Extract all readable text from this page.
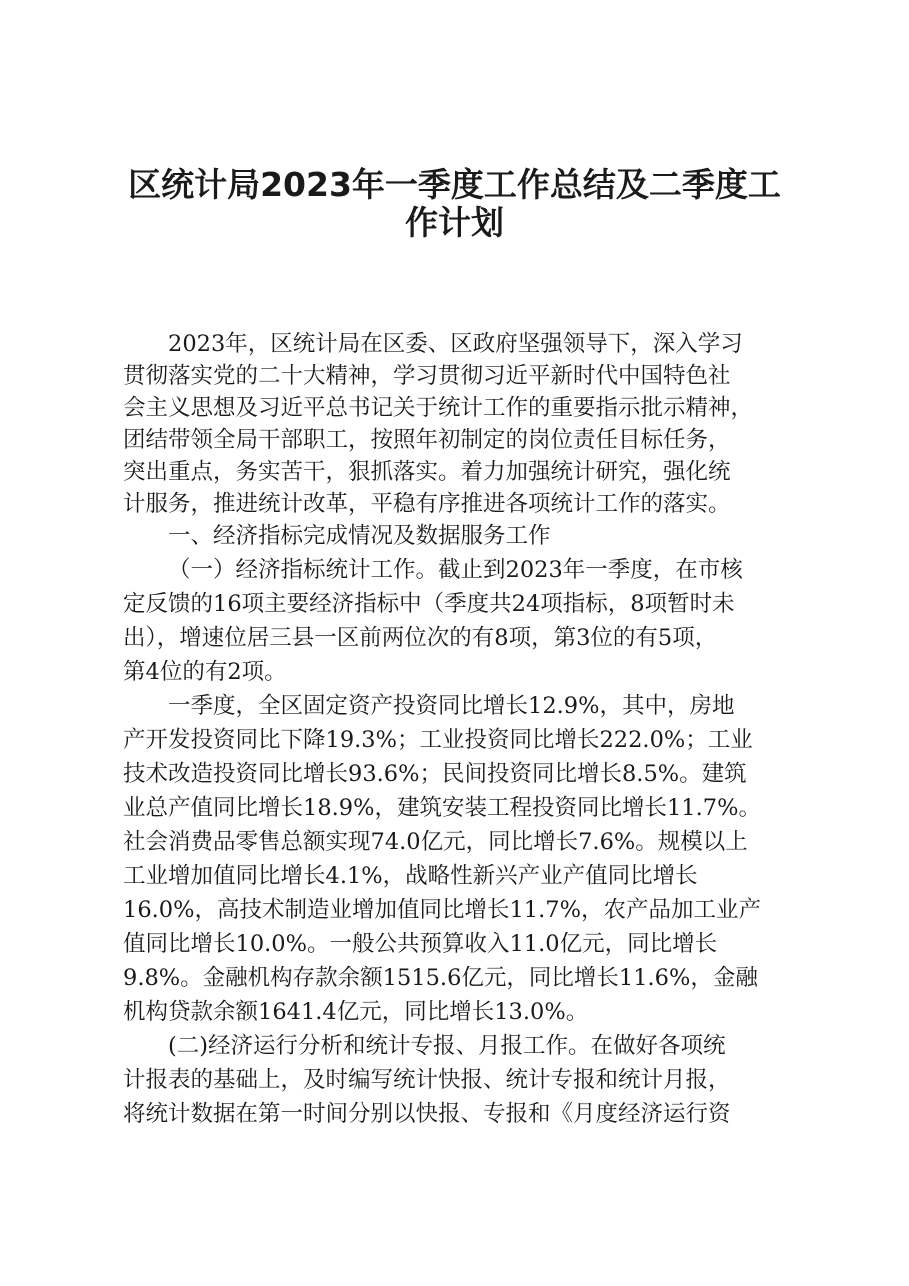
区统计局2023年一季度工作总结及二季度工
作计划

2023年，区统计局在区委、区政府坚强领导下，深入学习

贯彻落实党的二十大精神，学习贯彻习近平新时代中国特色社

会主义思想及习近平总书记关于统计工作的重要指示批示精神，

团结带领全局干部职工，按照年初制定的岗位责任目标任务，

突出重点，务实苦干，狠抓落实。着力加强统计研究，强化统

计服务，推进统计改革，平稳有序推进各项统计工作的落实。

一、经济指标完成情况及数据服务工作

（一）经济指标统计工作。截止到2023年一季度，在市核

定反馈的16项主要经济指标中（季度共24项指标，8项暂时未

出），增速位居三县一区前两位次的有8项，第3位的有5项，

第4位的有2项。

一季度，全区固定资产投资同比增长12.9%，其中，房地

产开发投资同比下降19.3%；工业投资同比增长222.0%；工业

技术改造投资同比增长93.6%；民间投资同比增长8.5%。建筑

业总产值同比增长18.9%，建筑安装工程投资同比增长11.7%。

社会消费品零售总额实现74.0亿元，同比增长7.6%。规模以上

工业增加值同比增长4.1%，战略性新兴产业产值同比增长

16.0%，高技术制造业增加值同比增长11.7%，农产品加工业产

值同比增长10.0%。一般公共预算收入11.0亿元，同比增长

9.8%。金融机构存款余额1515.6亿元，同比增长11.6%，金融

机构贷款余额1641.4亿元，同比增长13.0%。

(二)经济运行分析和统计专报、月报工作。在做好各项统

计报表的基础上，及时编写统计快报、统计专报和统计月报，

将统计数据在第一时间分别以快报、专报和《月度经济运行资
